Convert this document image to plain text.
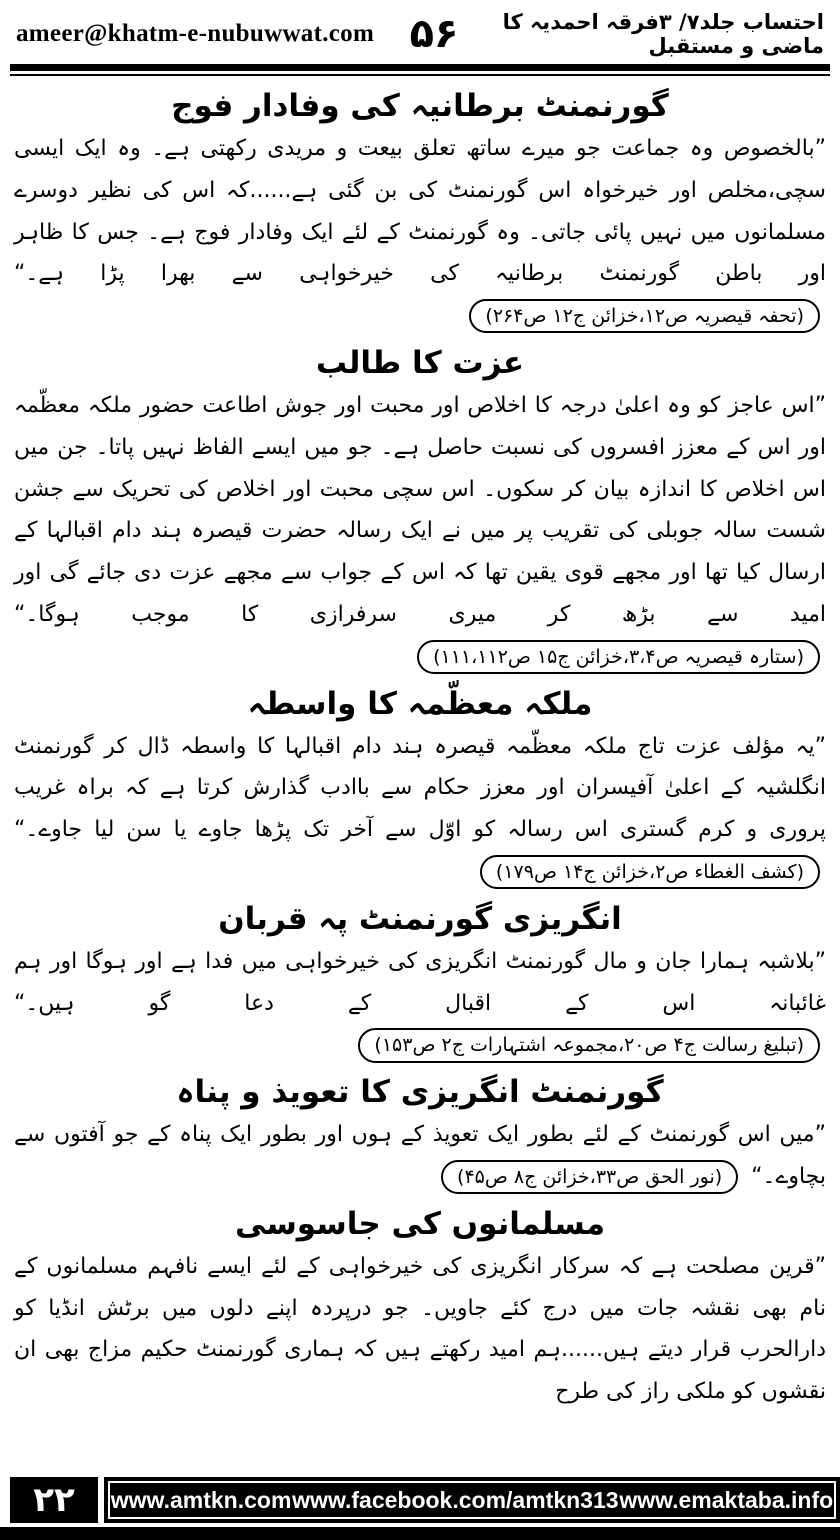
ameer@khatm-e-nubuwwat.com ۵۶	احتساب جلد۷/ ۳فرقہ احمدیہ کا ماضی و مستقبل
گورنمنٹ برطانیہ کی وفادار فوج

”بالخصوص وہ جماعت جو میرے ساتھ تعلق بیعت و مریدی رکھتی ہے۔ وہ ایک ایسی سچی،مخلص اور خیرخواہ اس گورنمنٹ کی بن گئی ہے......کہ اس کی نظیر دوسرے مسلمانوں میں نہیں پائی جاتی۔ وہ گورنمنٹ کے لئے ایک وفادار فوج ہے۔ جس کا ظاہر اور باطن گورنمنٹ برطانیہ کی خیرخواہی سے بھرا پڑا ہے۔“ (تحفہ قیصریہ ص۱۲،خزائن ج۱۲ ص۲۶۴)

عزت کا طالب

”اس عاجز کو وہ اعلیٰ درجہ کا اخلاص اور محبت اور جوش اطاعت حضور ملکہ معظّمہ اور اس کے معزز افسروں کی نسبت حاصل ہے۔ جو میں ایسے الفاظ نہیں پاتا۔ جن میں اس اخلاص کا اندازہ بیان کر سکوں۔ اس سچی محبت اور اخلاص کی تحریک سے جشن شست سالہ جوبلی کی تقریب پر میں نے ایک رسالہ حضرت قیصرہ ہند دام اقبالہا کے ارسال کیا تھا اور مجھے قوی یقین تھا کہ اس کے جواب سے مجھے عزت دی جائے گی اور امید سے بڑھ کر میری سرفرازی کا موجب ہوگا۔“ (ستارہ قیصریہ ص۳،۴،خزائن ج۱۵ ص۱۱۱،۱۱۲)

ملکہ معظّمہ کا واسطہ

”یہ مؤلف عزت تاج ملکہ معظّمہ قیصرہ ہند دام اقبالہا کا واسطہ ڈال کر گورنمنٹ انگلشیہ کے اعلیٰ آفیسران اور معزز حکام سے باادب گذارش کرتا ہے کہ براہ غریب پروری و کرم گستری اس رسالہ کو اوّل سے آخر تک پڑھا جاوے یا سن لیا جاوے۔“ (کشف الغطاء ص۲،خزائن ج۱۴ ص۱۷۹)

انگریزی گورنمنٹ پہ قربان

”بلاشبہ ہمارا جان و مال گورنمنٹ انگریزی کی خیرخواہی میں فدا ہے اور ہوگا اور ہم غائبانہ اس کے اقبال کے دعا گو ہیں۔“ (تبلیغ رسالت ج۴ ص۲۰،مجموعہ اشتہارات ج۲ ص۱۵۳)

گورنمنٹ انگریزی کا تعویذ و پناہ

”میں اس گورنمنٹ کے لئے بطور ایک تعویذ کے ہوں اور بطور ایک پناہ کے جو آفتوں سے بچاوے۔“ (نور الحق ص۳۳،خزائن ج۸ ص۴۵)

مسلمانوں کی جاسوسی

”قرین مصلحت ہے کہ سرکار انگریزی کی خیرخواہی کے لئے ایسے نافہم مسلمانوں کے نام بھی نقشہ جات میں درج کئے جاویں۔ جو درپردہ اپنے دلوں میں برٹش انڈیا کو دارالحرب قرار دیتے ہیں......ہم امید رکھتے ہیں کہ ہماری گورنمنٹ حکیم مزاج بھی ان نقشوں کو ملکی راز کی طرح

۲۲	www.amtkn.com www.facebook.com/amtkn313 www.emaktaba.info
